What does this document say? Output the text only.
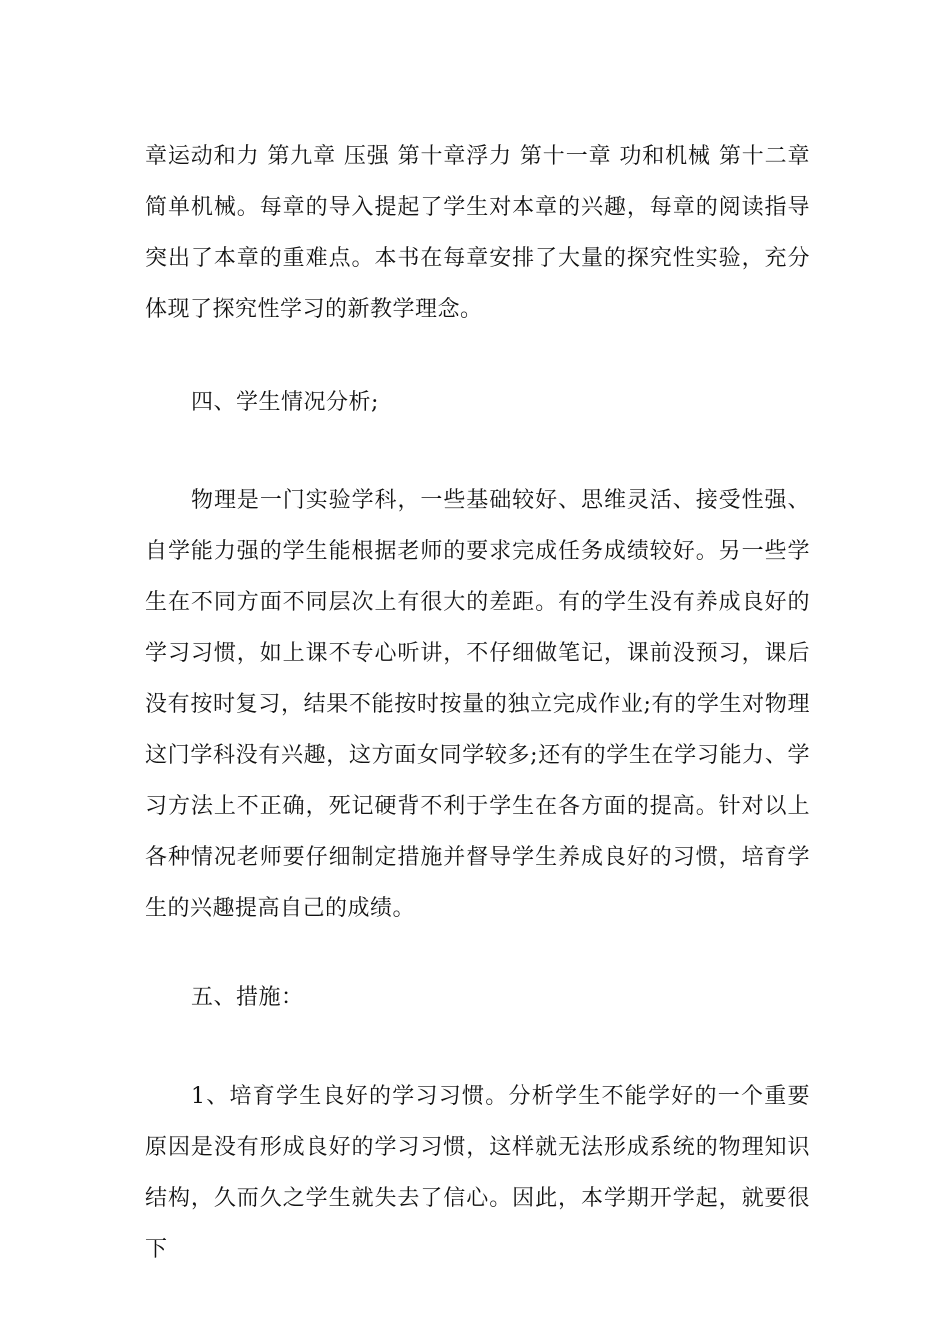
章运动和力 第九章 压强 第十章浮力 第十一章 功和机械 第十二章 简单机械。每章的导入提起了学生对本章的兴趣，每章的阅读指导突出了本章的重难点。本书在每章安排了大量的探究性实验，充分体现了探究性学习的新教学理念。

四、学生情况分析;

物理是一门实验学科，一些基础较好、思维灵活、接受性强、自学能力强的学生能根据老师的要求完成任务成绩较好。另一些学生在不同方面不同层次上有很大的差距。有的学生没有养成良好的学习习惯，如上课不专心听讲，不仔细做笔记，课前没预习，课后没有按时复习，结果不能按时按量的独立完成作业;有的学生对物理这门学科没有兴趣，这方面女同学较多;还有的学生在学习能力、学习方法上不正确，死记硬背不利于学生在各方面的提高。针对以上各种情况老师要仔细制定措施并督导学生养成良好的习惯，培育学生的兴趣提高自己的成绩。

五、措施：

1、培育学生良好的学习习惯。分析学生不能学好的一个重要原因是没有形成良好的学习习惯，这样就无法形成系统的物理知识结构，久而久之学生就失去了信心。因此，本学期开学起，就要很下
